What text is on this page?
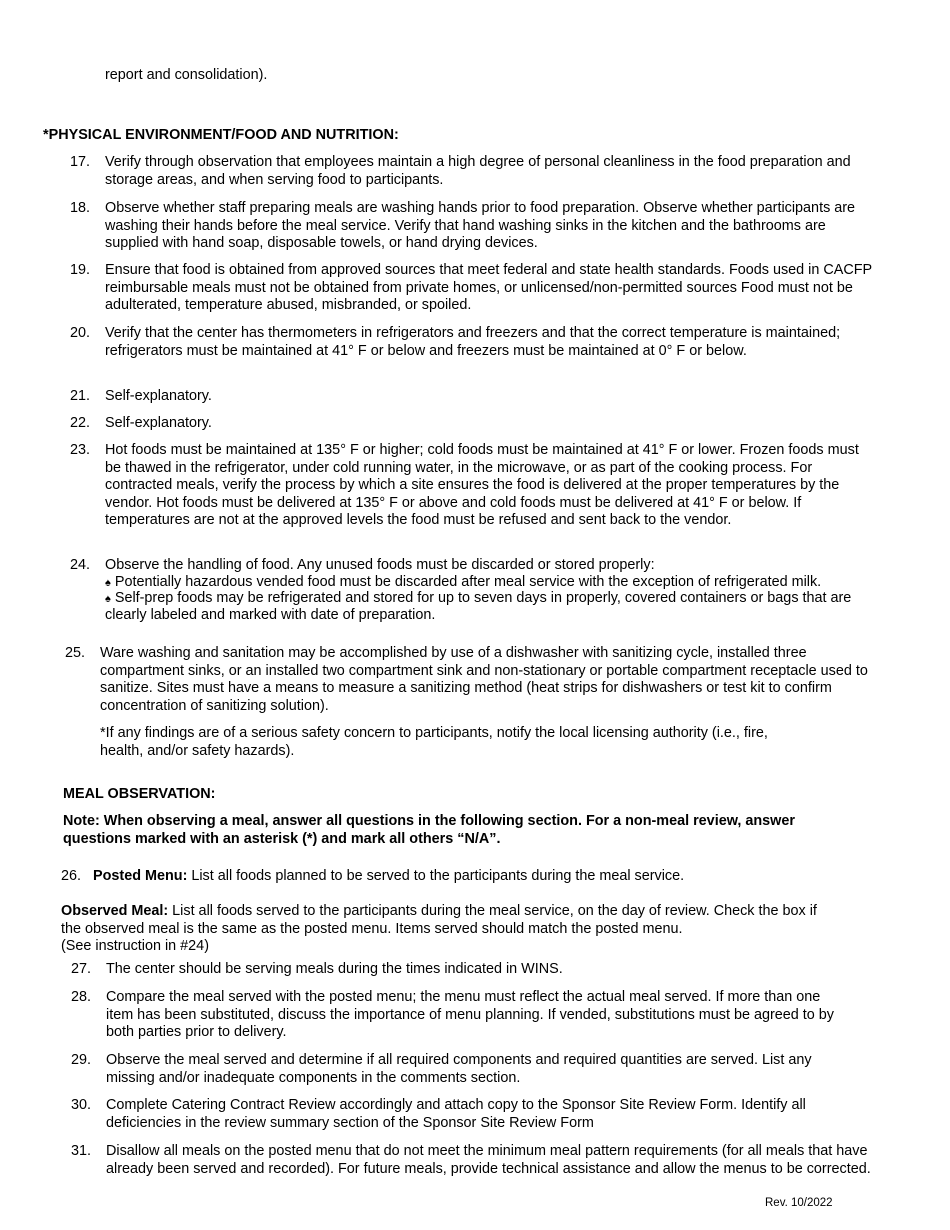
report and consolidation).
*PHYSICAL ENVIRONMENT/FOOD AND NUTRITION:
17.	Verify through observation that employees maintain a high degree of personal cleanliness in the food preparation and storage areas, and when serving food to participants.
18.	Observe whether staff preparing meals are washing hands prior to food preparation. Observe whether participants are washing their hands before the meal service. Verify that hand washing sinks in the kitchen and the bathrooms are supplied with hand soap, disposable towels, or hand drying devices.
19.	Ensure that food is obtained from approved sources that meet federal and state health standards. Foods used in CACFP reimbursable meals must not be obtained from private homes, or unlicensed/non-permitted sources Food must not be adulterated, temperature abused, misbranded, or spoiled.
20.	Verify that the center has thermometers in refrigerators and freezers and that the correct temperature is maintained; refrigerators must be maintained at 41° F or below and freezers must be maintained at 0° F or below.
21.	Self-explanatory.
22.	Self-explanatory.
23.	Hot foods must be maintained at 135° F or higher; cold foods must be maintained at 41° F or lower. Frozen foods must be thawed in the refrigerator, under cold running water, in the microwave, or as part of the cooking process. For contracted meals, verify the process by which a site ensures the food is delivered at the proper temperatures by the vendor. Hot foods must be delivered at 135° F or above and cold foods must be delivered at 41° F or below. If temperatures are not at the approved levels the food must be refused and sent back to the vendor.
24.	Observe the handling of food. Any unused foods must be discarded or stored properly:
♠ Potentially hazardous vended food must be discarded after meal service with the exception of refrigerated milk.
♠ Self-prep foods may be refrigerated and stored for up to seven days in properly, covered containers or bags that are clearly labeled and marked with date of preparation.
25.	Ware washing and sanitation may be accomplished by use of a dishwasher with sanitizing cycle, installed three compartment sinks, or an installed two compartment sink and non-stationary or portable compartment receptacle used to sanitize. Sites must have a means to measure a sanitizing method (heat strips for dishwashers or test kit to confirm concentration of sanitizing solution).
*If any findings are of a serious safety concern to participants, notify the local licensing authority (i.e., fire, health, and/or safety hazards).
MEAL OBSERVATION:
Note: When observing a meal, answer all questions in the following section. For a non-meal review, answer questions marked with an asterisk (*) and mark all others “N/A”.
26. Posted Menu: List all foods planned to be served to the participants during the meal service.
Observed Meal: List all foods served to the participants during the meal service, on the day of review. Check the box if the observed meal is the same as the posted menu. Items served should match the posted menu.
(See instruction in #24)
27.	The center should be serving meals during the times indicated in WINS.
28.	Compare the meal served with the posted menu; the menu must reflect the actual meal served. If more than one item has been substituted, discuss the importance of menu planning. If vended, substitutions must be agreed to by both parties prior to delivery.
29.	Observe the meal served and determine if all required components and required quantities are served. List any missing and/or inadequate components in the comments section.
30.	Complete Catering Contract Review accordingly and attach copy to the Sponsor Site Review Form. Identify all deficiencies in the review summary section of the Sponsor Site Review Form
31.	Disallow all meals on the posted menu that do not meet the minimum meal pattern requirements (for all meals that have already been served and recorded). For future meals, provide technical assistance and allow the menus to be corrected.
Rev. 10/2022
